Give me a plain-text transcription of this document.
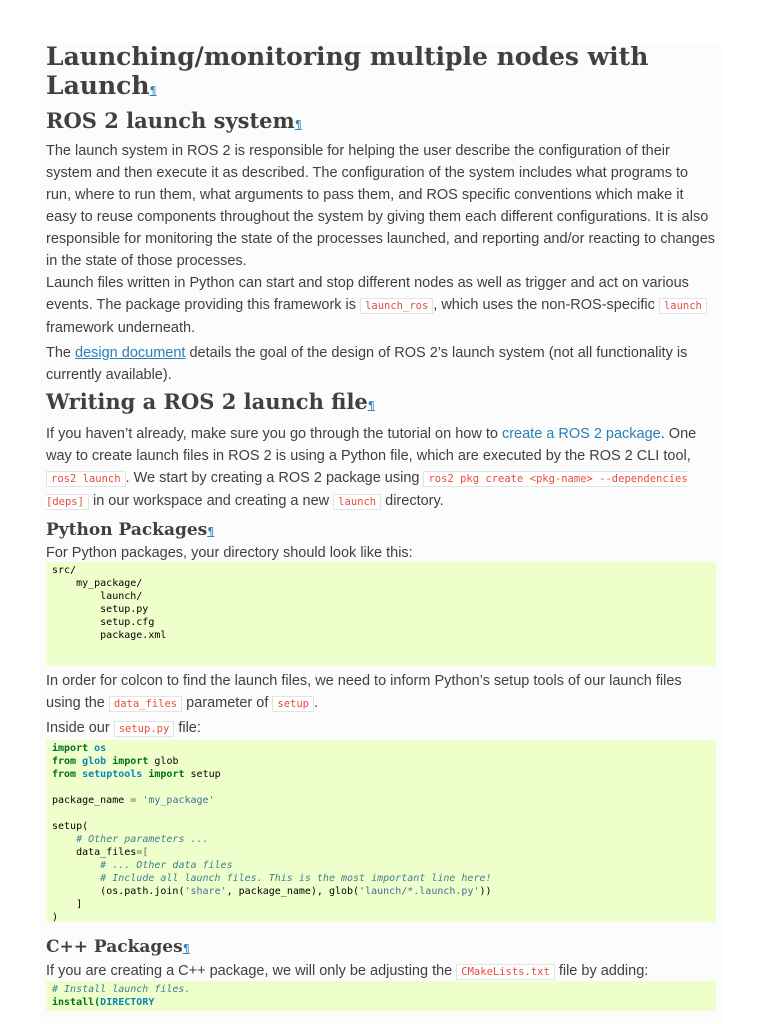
Launching/monitoring multiple nodes with Launch¶
ROS 2 launch system¶

The launch system in ROS 2 is responsible for helping the user describe the configuration of their system and then execute it as described. The configuration of the system includes what programs to run, where to run them, what arguments to pass them, and ROS specific conventions which make it easy to reuse components throughout the system by giving them each different configurations. It is also responsible for monitoring the state of the processes launched, and reporting and/or reacting to changes in the state of those processes.

Launch files written in Python can start and stop different nodes as well as trigger and act on various events. The package providing this framework is launch_ros , which uses the non-ROS-specific launch framework underneath.

The design document details the goal of the design of ROS 2’s launch system (not all functionality is currently available).

Writing a ROS 2 launch file¶

If you haven’t already, make sure you go through the tutorial on how to create a ROS 2 package. One way to create launch files in ROS 2 is using a Python file, which are executed by the ROS 2 CLI tool, ros2 launch . We start by creating a ROS 2 package using ros2 pkg create <pkg-name> --dependencies [deps] in our workspace and creating a new launch directory.

Python Packages¶

For Python packages, your directory should look like this:

src/
my_package/
launch/
setup.py
setup.cfg
package.xml

In order for colcon to find the launch files, we need to inform Python’s setup tools of our launch files using the data_files parameter of setup .

Inside our setup.py file:

import os
from glob import glob
from setuptools import setup

package_name = 'my_package'

setup(
# Other parameters ...
data_files=[
# ... Other data files
# Include all launch files. This is the most important line here!
(os.path.join('share', package_name), glob('launch/*.launch.py'))
]
)
C++ Packages¶

If you are creating a C++ package, we will only be adjusting the CMakeLists.txt file by adding:

# Install launch files.
install(DIRECTORY
